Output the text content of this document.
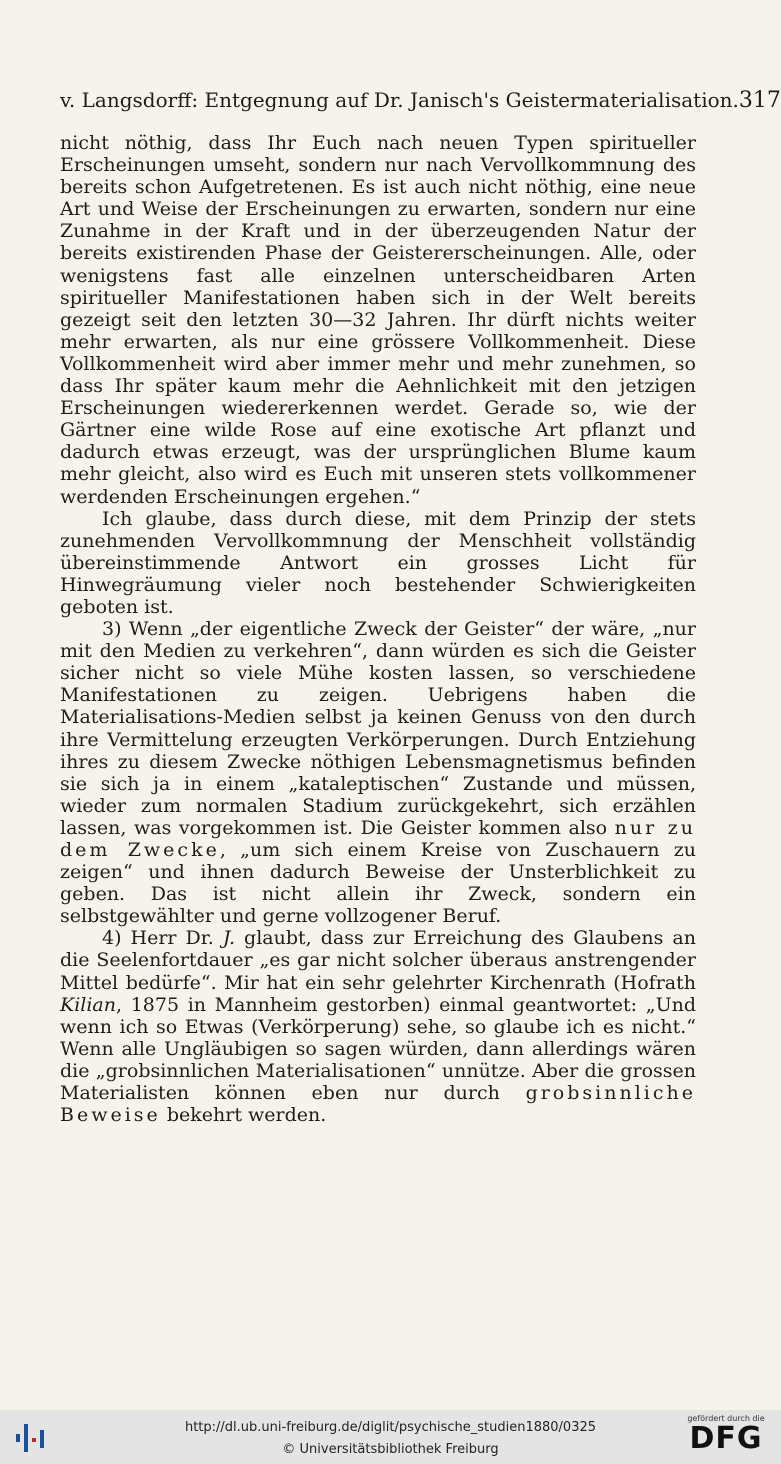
v. Langsdorff: Entgegnung auf Dr. Janisch's Geistermaterialisation. 317

nicht nöthig, dass Ihr Euch nach neuen Typen spiritueller Erscheinungen umseht, sondern nur nach Vervollkommnung des bereits schon Aufgetretenen. Es ist auch nicht nöthig, eine neue Art und Weise der Erscheinungen zu erwarten, sondern nur eine Zunahme in der Kraft und in der überzeugenden Natur der bereits existirenden Phase der Geistererscheinungen. Alle, oder wenigstens fast alle einzelnen unterscheidbaren Arten spiritueller Manifestationen haben sich in der Welt bereits gezeigt seit den letzten 30—32 Jahren. Ihr dürft nichts weiter mehr erwarten, als nur eine grössere Vollkommenheit. Diese Vollkommenheit wird aber immer mehr und mehr zunehmen, so dass Ihr später kaum mehr die Aehnlichkeit mit den jetzigen Erscheinungen wiedererkennen werdet. Gerade so, wie der Gärtner eine wilde Rose auf eine exotische Art pflanzt und dadurch etwas erzeugt, was der ursprünglichen Blume kaum mehr gleicht, also wird es Euch mit unseren stets vollkommener werdenden Erscheinungen ergehen.“

Ich glaube, dass durch diese, mit dem Prinzip der stets zunehmenden Vervollkommnung der Menschheit vollständig übereinstimmende Antwort ein grosses Licht für Hinwegräumung vieler noch bestehender Schwierigkeiten geboten ist.

3) Wenn „der eigentliche Zweck der Geister“ der wäre, „nur mit den Medien zu verkehren“, dann würden es sich die Geister sicher nicht so viele Mühe kosten lassen, so verschiedene Manifestationen zu zeigen. Uebrigens haben die Materialisations-Medien selbst ja keinen Genuss von den durch ihre Vermittelung erzeugten Verkörperungen. Durch Entziehung ihres zu diesem Zwecke nöthigen Lebensmagnetismus befinden sie sich ja in einem „kataleptischen“ Zustande und müssen, wieder zum normalen Stadium zurückgekehrt, sich erzählen lassen, was vorgekommen ist. Die Geister kommen also nur zu dem Zwecke, „um sich einem Kreise von Zuschauern zu zeigen“ und ihnen dadurch Beweise der Unsterblichkeit zu geben. Das ist nicht allein ihr Zweck, sondern ein selbstgewählter und gerne vollzogener Beruf.

4) Herr Dr. J. glaubt, dass zur Erreichung des Glaubens an die Seelenfortdauer „es gar nicht solcher überaus anstrengender Mittel bedürfe“. Mir hat ein sehr gelehrter Kirchenrath (Hofrath Kilian, 1875 in Mannheim gestorben) einmal geantwortet: „Und wenn ich so Etwas (Verkörperung) sehe, so glaube ich es nicht.“ Wenn alle Ungläubigen so sagen würden, dann allerdings wären die „grobsinnlichen Materialisationen“ unnütze. Aber die grossen Materialisten können eben nur durch grobsinnliche Beweise bekehrt werden.

http://dl.ub.uni-freiburg.de/diglit/psychische_studien1880/0325
© Universitätsbibliothek Freiburg
gefördert durch die
DFG
